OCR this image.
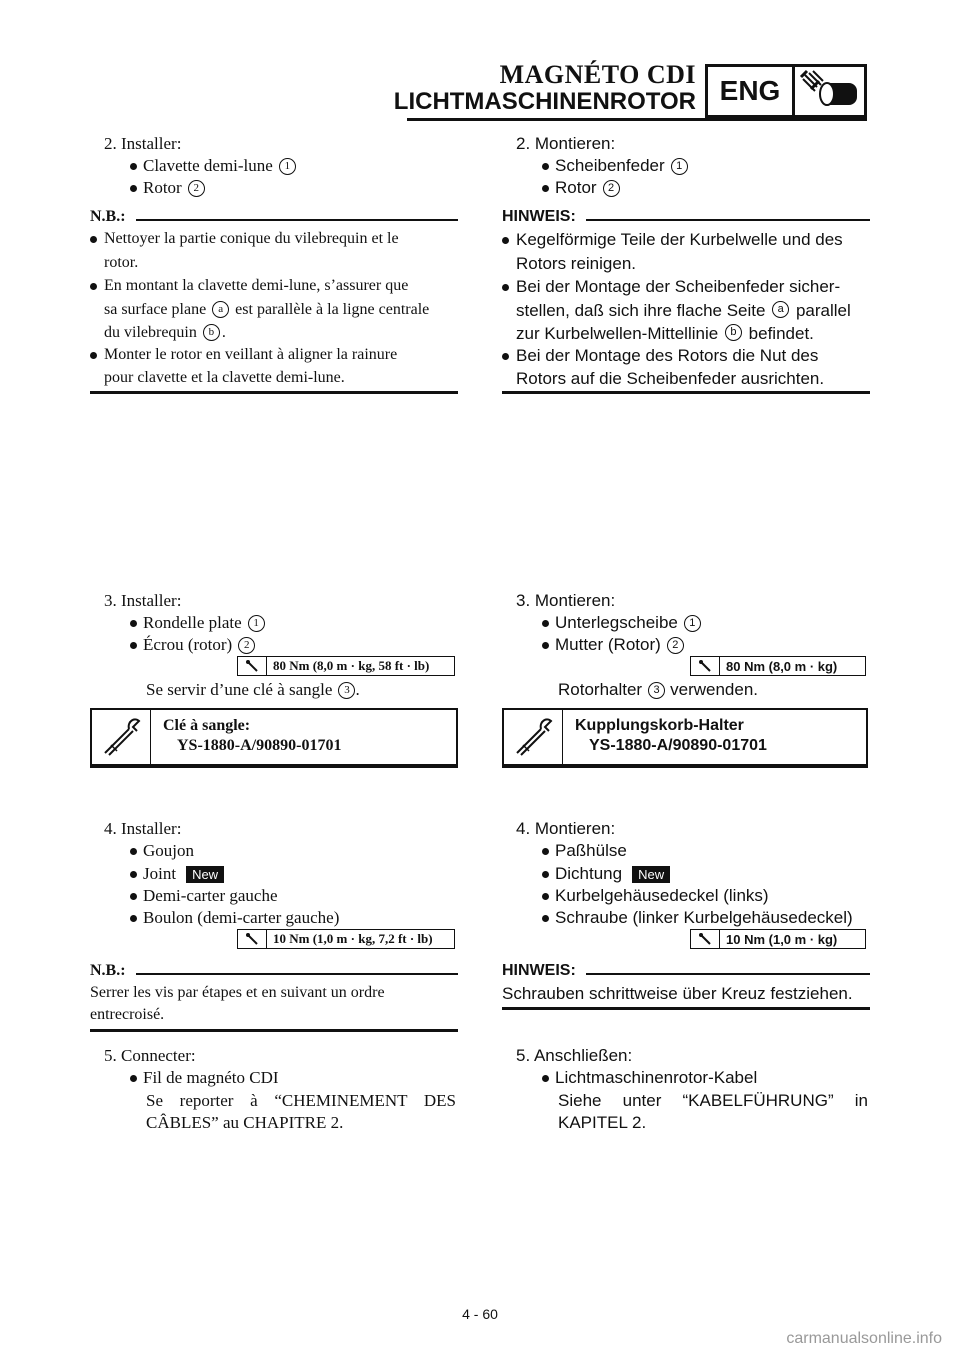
MAGNÉTO CDI
LICHTMASCHINENROTOR ENG
2. Installer:
Clavette demi-lune	1
Rotor	2
N.B.:
Nettoyer la partie conique du vilebrequin et le
rotor.
En montant la clavette demi-lune, s’assurer que
sa surface plane
	a
est parallèle à la ligne centrale
du vilebrequin
	b .
Monter le rotor en veillant à aligner la rainure
pour clavette et la clavette demi-lune.
3. Installer:
Rondelle plate	1
Écrou (rotor)	2
80 Nm (8,0 m · kg, 58 ft · lb)
Se servir d’une clé à sangle	3 .
Clé à sangle:
YS-1880-A/90890-01701
4. Installer:
Goujon
Joint	New
Demi-carter gauche
Boulon (demi-carter gauche)
10 Nm (1,0 m · kg, 7,2 ft · lb)
N.B.:
Serrer les vis par étapes et en suivant un ordre
entrecroisé.
5. Connecter:
Fil de magnéto CDI
Se reporter à “CHEMINEMENT DES
CÂBLES” au CHAPITRE 2.
2. Montieren:
Scheibenfeder	1
Rotor	2
HINWEIS:
Kegelförmige Teile der Kurbelwelle und des
Rotors reinigen.
Bei der Montage der Scheibenfeder sicher-
stellen, daß sich ihre flache Seite
	a
parallel
zur Kurbelwellen-Mittellinie
	b
befindet.
Bei der Montage des Rotors die Nut des
Rotors auf die Scheibenfeder ausrichten.
3. Montieren:
Unterlegscheibe	1
Mutter (Rotor)	2
80 Nm (8,0 m · kg)
Rotorhalter	3 verwenden.
Kupplungskorb-Halter
YS-1880-A/90890-01701
4. Montieren:
Paßhülse
Dichtung	New
Kurbelgehäusedeckel (links)
Schraube (linker Kurbelgehäusedeckel)
10 Nm (1,0 m · kg)
HINWEIS:
Schrauben schrittweise über Kreuz festziehen.
5. Anschließen:
Lichtmaschinenrotor-Kabel
Siehe unter “KABELFÜHRUNG” in
KAPITEL 2.
4 - 60
carmanualsonline.info
